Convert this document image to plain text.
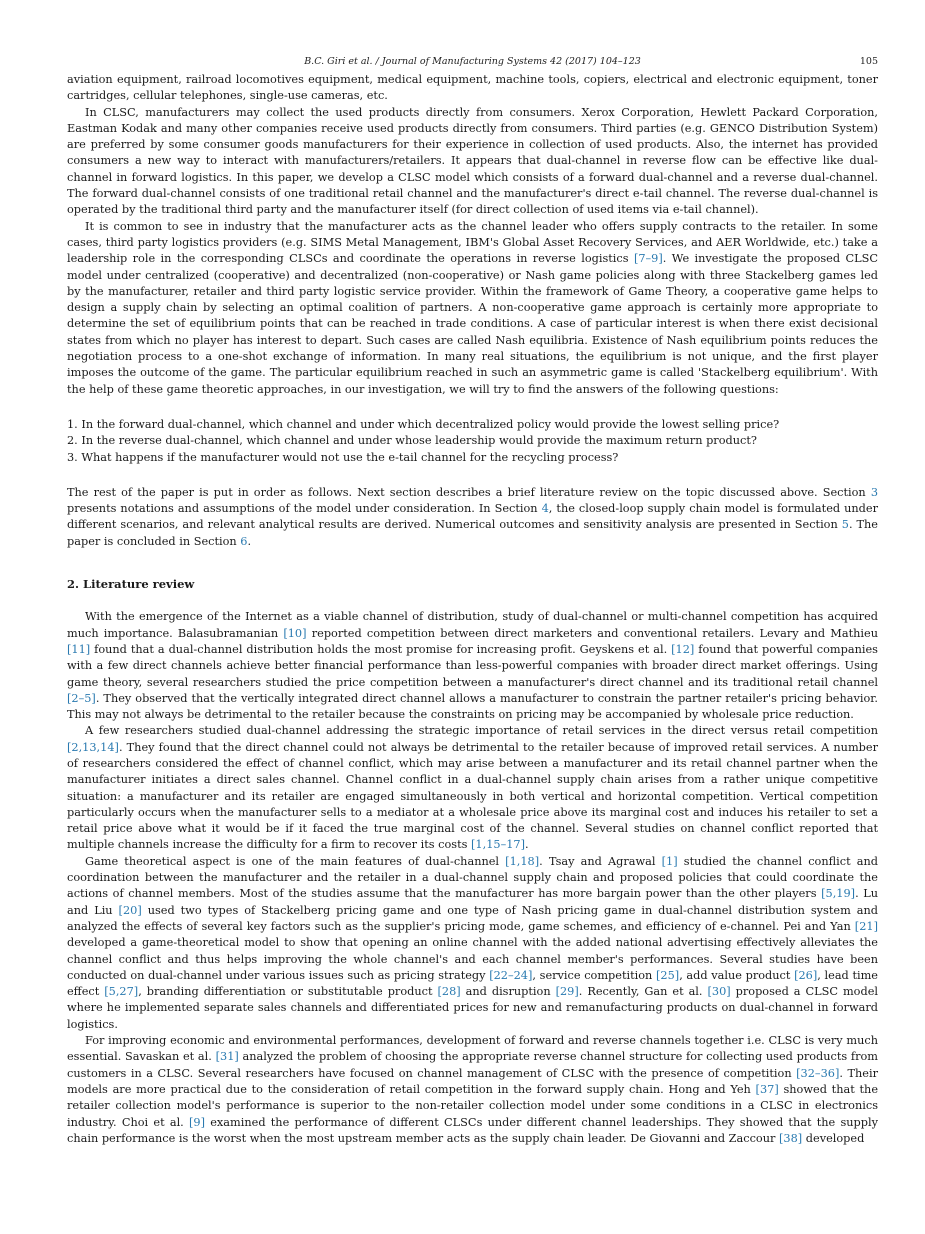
B.C. Giri et al. / Journal of Manufacturing Systems 42 (2017) 104–123	105

aviation equipment, railroad locomotives equipment, medical equipment, machine tools, copiers, electrical and electronic equipment, toner cartridges, cellular telephones, single-use cameras, etc.

In CLSC, manufacturers may collect the used products directly from consumers. Xerox Corporation, Hewlett Packard Corporation, Eastman Kodak and many other companies receive used products directly from consumers. Third parties (e.g. GENCO Distribution System) are preferred by some consumer goods manufacturers for their experience in collection of used products. Also, the internet has provided consumers a new way to interact with manufacturers/retailers. It appears that dual-channel in reverse flow can be effective like dual-channel in forward logistics. In this paper, we develop a CLSC model which consists of a forward dual-channel and a reverse dual-channel. The forward dual-channel consists of one traditional retail channel and the manufacturer's direct e-tail channel. The reverse dual-channel is operated by the traditional third party and the manufacturer itself (for direct collection of used items via e-tail channel).

It is common to see in industry that the manufacturer acts as the channel leader who offers supply contracts to the retailer. In some cases, third party logistics providers (e.g. SIMS Metal Management, IBM's Global Asset Recovery Services, and AER Worldwide, etc.) take a leadership role in the corresponding CLSCs and coordinate the operations in reverse logistics [7–9]. We investigate the proposed CLSC model under centralized (cooperative) and decentralized (non-cooperative) or Nash game policies along with three Stackelberg games led by the manufacturer, retailer and third party logistic service provider. Within the framework of Game Theory, a cooperative game helps to design a supply chain by selecting an optimal coalition of partners. A non-cooperative game approach is certainly more appropriate to determine the set of equilibrium points that can be reached in trade conditions. A case of particular interest is when there exist decisional states from which no player has interest to depart. Such cases are called Nash equilibria. Existence of Nash equilibrium points reduces the negotiation process to a one-shot exchange of information. In many real situations, the equilibrium is not unique, and the first player imposes the outcome of the game. The particular equilibrium reached in such an asymmetric game is called 'Stackelberg equilibrium'. With the help of these game theoretic approaches, in our investigation, we will try to find the answers of the following questions:

1. In the forward dual-channel, which channel and under which decentralized policy would provide the lowest selling price?
2. In the reverse dual-channel, which channel and under whose leadership would provide the maximum return product?
3. What happens if the manufacturer would not use the e-tail channel for the recycling process?

The rest of the paper is put in order as follows. Next section describes a brief literature review on the topic discussed above. Section 3 presents notations and assumptions of the model under consideration. In Section 4, the closed-loop supply chain model is formulated under different scenarios, and relevant analytical results are derived. Numerical outcomes and sensitivity analysis are presented in Section 5. The paper is concluded in Section 6.

2. Literature review

With the emergence of the Internet as a viable channel of distribution, study of dual-channel or multi-channel competition has acquired much importance. Balasubramanian [10] reported competition between direct marketers and conventional retailers. Levary and Mathieu [11] found that a dual-channel distribution holds the most promise for increasing profit. Geyskens et al. [12] found that powerful companies with a few direct channels achieve better financial performance than less-powerful companies with broader direct market offerings. Using game theory, several researchers studied the price competition between a manufacturer's direct channel and its traditional retail channel [2–5]. They observed that the vertically integrated direct channel allows a manufacturer to constrain the partner retailer's pricing behavior. This may not always be detrimental to the retailer because the constraints on pricing may be accompanied by wholesale price reduction.

A few researchers studied dual-channel addressing the strategic importance of retail services in the direct versus retail competition [2,13,14]. They found that the direct channel could not always be detrimental to the retailer because of improved retail services. A number of researchers considered the effect of channel conflict, which may arise between a manufacturer and its retail channel partner when the manufacturer initiates a direct sales channel. Channel conflict in a dual-channel supply chain arises from a rather unique competitive situation: a manufacturer and its retailer are engaged simultaneously in both vertical and horizontal competition. Vertical competition particularly occurs when the manufacturer sells to a mediator at a wholesale price above its marginal cost and induces his retailer to set a retail price above what it would be if it faced the true marginal cost of the channel. Several studies on channel conflict reported that multiple channels increase the difficulty for a firm to recover its costs [1,15–17].

Game theoretical aspect is one of the main features of dual-channel [1,18]. Tsay and Agrawal [1] studied the channel conflict and coordination between the manufacturer and the retailer in a dual-channel supply chain and proposed policies that could coordinate the actions of channel members. Most of the studies assume that the manufacturer has more bargain power than the other players [5,19]. Lu and Liu [20] used two types of Stackelberg pricing game and one type of Nash pricing game in dual-channel distribution system and analyzed the effects of several key factors such as the supplier's pricing mode, game schemes, and efficiency of e-channel. Pei and Yan [21] developed a game-theoretical model to show that opening an online channel with the added national advertising effectively alleviates the channel conflict and thus helps improving the whole channel's and each channel member's performances. Several studies have been conducted on dual-channel under various issues such as pricing strategy [22–24], service competition [25], add value product [26], lead time effect [5,27], branding differentiation or substitutable product [28] and disruption [29]. Recently, Gan et al. [30] proposed a CLSC model where he implemented separate sales channels and differentiated prices for new and remanufacturing products on dual-channel in forward logistics.

For improving economic and environmental performances, development of forward and reverse channels together i.e. CLSC is very much essential. Savaskan et al. [31] analyzed the problem of choosing the appropriate reverse channel structure for collecting used products from customers in a CLSC. Several researchers have focused on channel management of CLSC with the presence of competition [32–36]. Their models are more practical due to the consideration of retail competition in the forward supply chain. Hong and Yeh [37] showed that the retailer collection model's performance is superior to the non-retailer collection model under some conditions in a CLSC in electronics industry. Choi et al. [9] examined the performance of different CLSCs under different channel leaderships. They showed that the supply chain performance is the worst when the most upstream member acts as the supply chain leader. De Giovanni and Zaccour [38] developed
